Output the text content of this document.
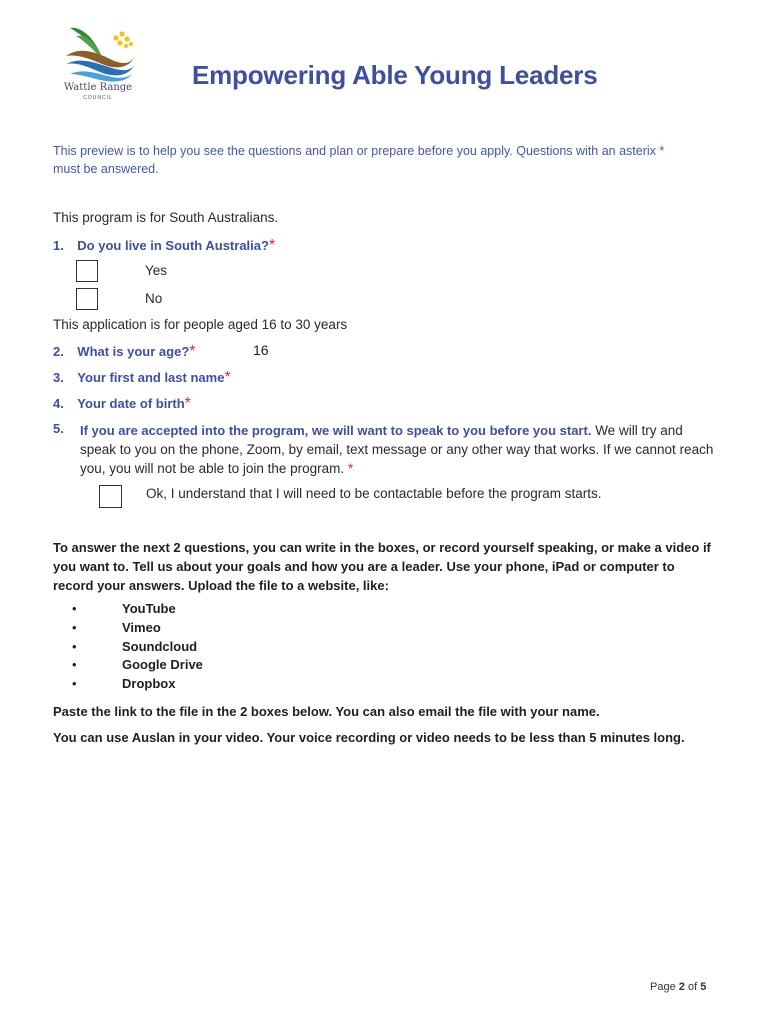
Wattle Range
COUNCIL
Empowering Able Young Leaders
This preview is to help you see the questions and plan or prepare before you apply. Questions with an asterix *
must be answered.
This program is for South Australians.
1. Do you live in South Australia?*
Yes
No
This application is for people aged 16 to 30 years
2. What is your age?*	16
3. Your first and last name*
4. Your date of birth*
5. If you are accepted into the program, we will want to speak to you before you start. We will try and speak to you on the phone, Zoom, by email, text message or any other way that works. If we cannot reach you, you will not be able to join the program. *
Ok, I understand that I will need to be contactable before the program starts.
To answer the next 2 questions, you can write in the boxes, or record yourself speaking, or make a video if you want to. Tell us about your goals and how you are a leader. Use your phone, iPad or computer to record your answers. Upload the file to a website, like:
•	YouTube
•	Vimeo
•	Soundcloud
•	Google Drive
•	Dropbox
Paste the link to the file in the 2 boxes below. You can also email the file with your name.
You can use Auslan in your video. Your voice recording or video needs to be less than 5 minutes long.
Page 2 of 5
